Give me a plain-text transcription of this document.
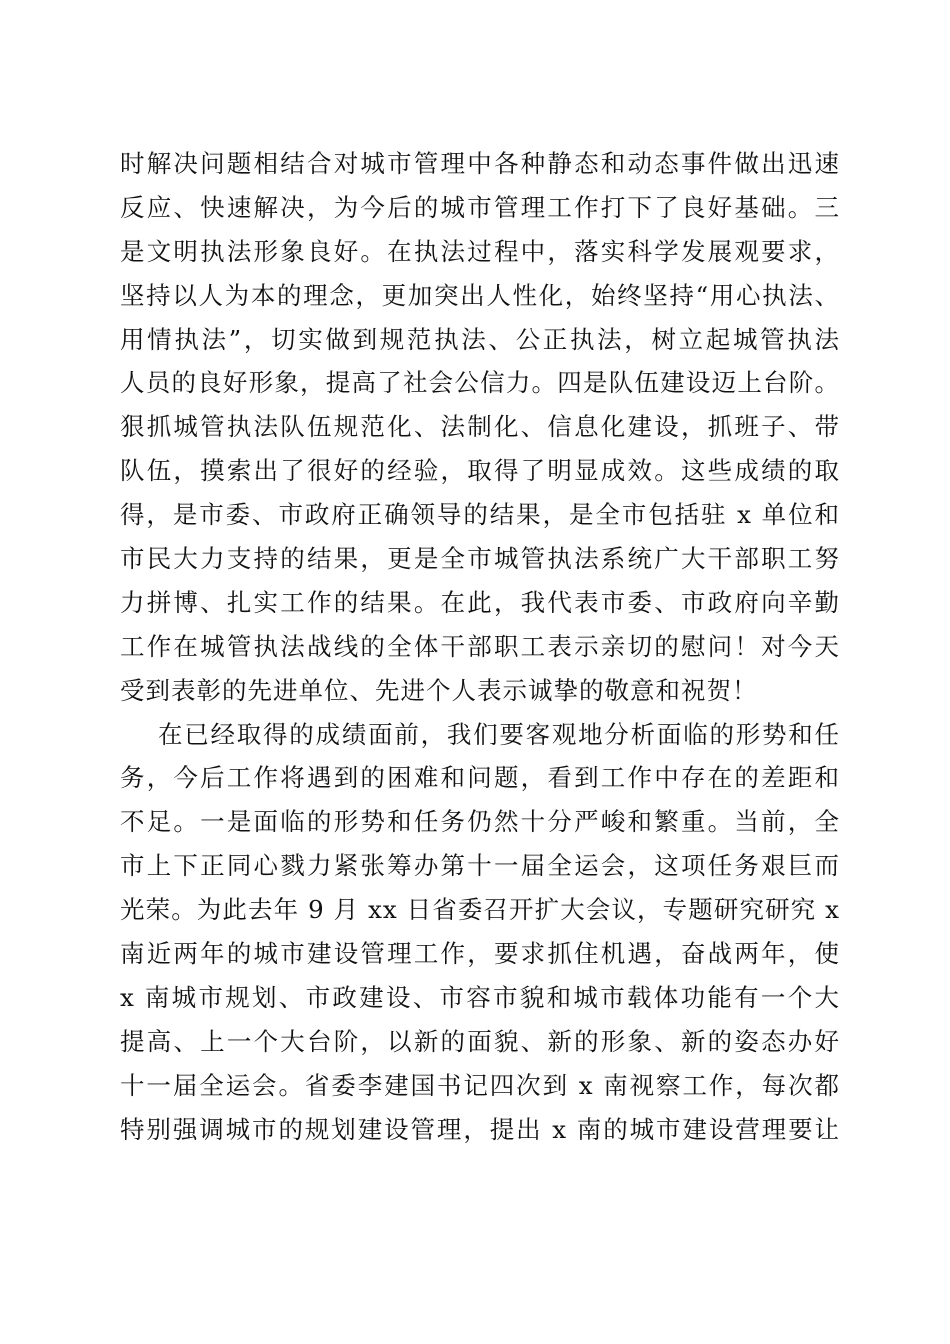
时解决问题相结合对城市管理中各种静态和动态事件做出迅速
反应、快速解决，为今后的城市管理工作打下了良好基础。三
是文明执法形象良好。在执法过程中，落实科学发展观要求，
坚持以人为本的理念，更加突出人性化，始终坚持“用心执法、
用情执法”，切实做到规范执法、公正执法，树立起城管执法
人员的良好形象，提高了社会公信力。四是队伍建设迈上台阶。
狠抓城管执法队伍规范化、法制化、信息化建设，抓班子、带
队伍，摸索出了很好的经验，取得了明显成效。这些成绩的取
得，是市委、市政府正确领导的结果，是全市包括驻 x 单位和
市民大力支持的结果，更是全市城管执法系统广大干部职工努
力拼博、扎实工作的结果。在此，我代表市委、市政府向辛勤
工作在城管执法战线的全体干部职工表示亲切的慰问！对今天
受到表彰的先进单位、先进个人表示诚挚的敬意和祝贺！
在已经取得的成绩面前，我们要客观地分析面临的形势和任
务，今后工作将遇到的困难和问题，看到工作中存在的差距和
不足。一是面临的形势和任务仍然十分严峻和繁重。当前，全
市上下正同心戮力紧张筹办第十一届全运会，这项任务艰巨而
光荣。为此去年 9 月 xx 日省委召开扩大会议，专题研究研究 x
南近两年的城市建设管理工作，要求抓住机遇，奋战两年，使
x 南城市规划、市政建设、市容市貌和城市载体功能有一个大
提高、上一个大台阶，以新的面貌、新的形象、新的姿态办好
十一届全运会。省委李建国书记四次到 x 南视察工作，每次都
特别强调城市的规划建设管理，提出 x 南的城市建设营理要让
